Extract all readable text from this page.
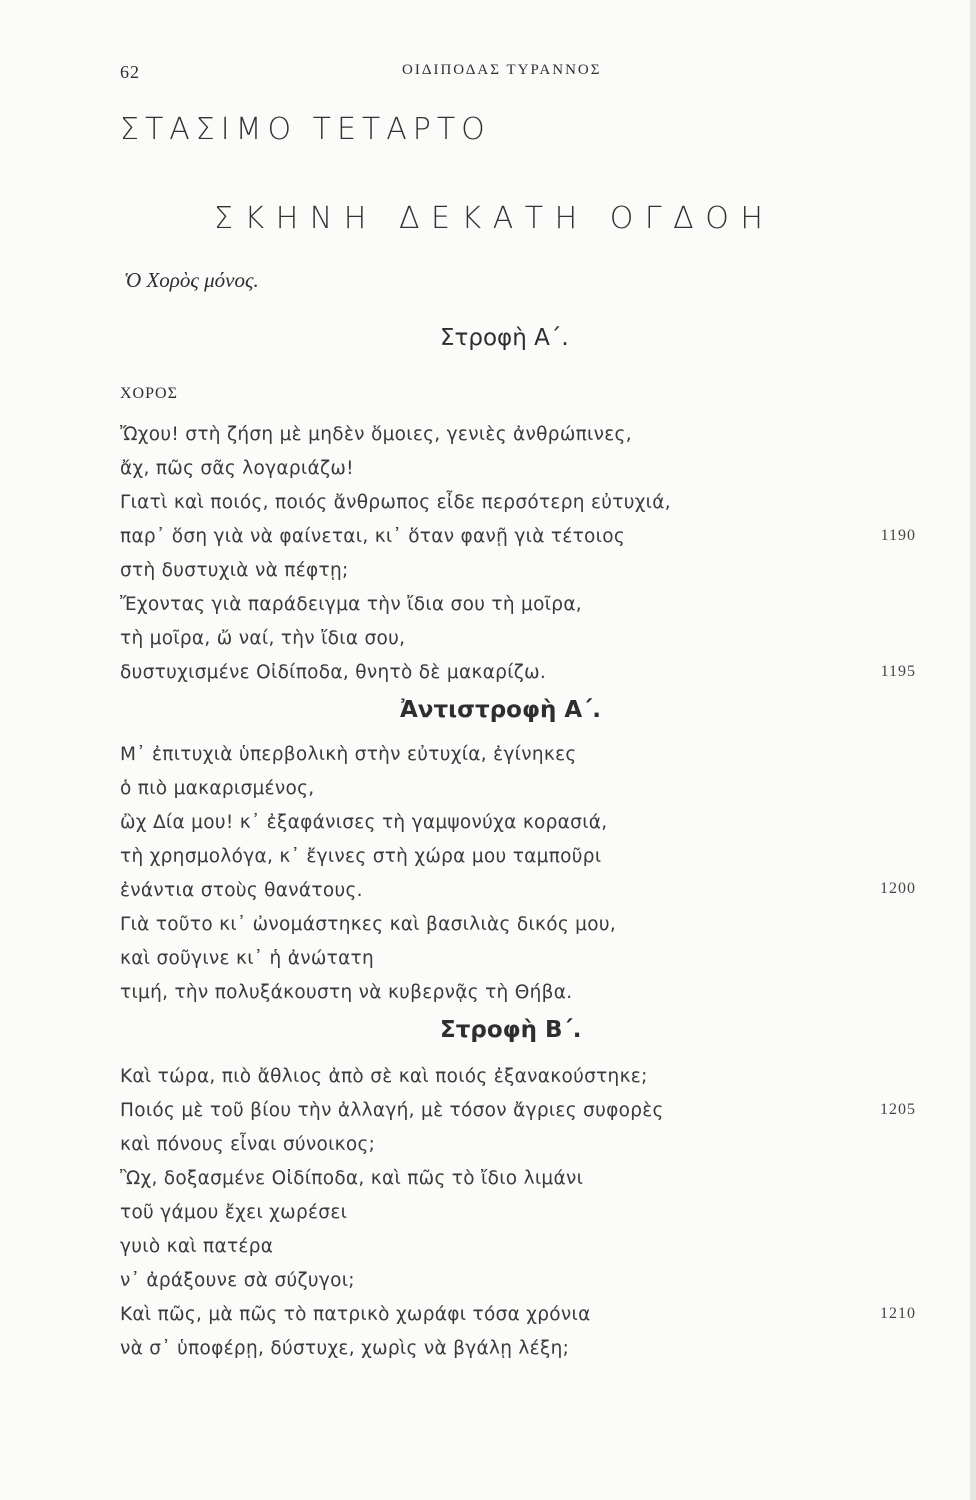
62	ΟΙΔΙΠΟΔΑΣ ΤΥΡΑΝΝΟΣ
ΣΤΑΣΙΜΟ ΤΕΤΑΡΤΟ
Σ Κ Η Ν Η   Δ Ε Κ Α Τ Η   Ο Γ Δ Ο Η
Ὁ Χορὸς μόνος.
Στροφὴ Α΄.
ΧΟΡΟΣ
Ὤχου! στὴ ζήση μὲ μηδὲν ὅμοιες, γενιὲς ἀνθρώπινες,
ἄχ, πῶς σᾶς λογαριάζω!
Γιατὶ καὶ ποιός, ποιός ἄνθρωπος εἶδε περσότερη εὐτυχιά,
παρ᾽ ὅση γιὰ νὰ φαίνεται, κι᾽ ὅταν φανῇ γιὰ τέτοιος
στὴ δυστυχιὰ νὰ πέφτῃ;
Ἔχοντας γιὰ παράδειγμα τὴν ἴδια σου τὴ μοῖρα,
τὴ μοῖρα, ὤ ναί, τὴν ἴδια σου,
δυστυχισμένε Οἰδίποδα, θνητὸ δὲ μακαρίζω.
1190
1195
Ἀντιστροφὴ Α΄.
Μ᾽ ἐπιτυχιὰ ὑπερβολικὴ στὴν εὐτυχία, ἐγίνηκες
ὁ πιὸ μακαρισμένος,
ὢχ Δία μου! κ᾽ ἐξαφάνισες τὴ γαμψονύχα κορασιά,
τὴ χρησμολόγα, κ᾽ ἔγινες στὴ χώρα μου ταμποῦρι
ἐνάντια στοὺς θανάτους.
Γιὰ τοῦτο κι᾽ ὠνομάστηκες καὶ βασιλιὰς δικός μου,
καὶ σοῦγινε κι᾽ ἡ ἀνώτατη
τιμή, τὴν πολυξάκουστη νὰ κυβερνᾷς τὴ Θήβα.
1200
Στροφὴ Β΄.
Καὶ τώρα, πιὸ ἄθλιος ἀπὸ σὲ καὶ ποιός ἐξανακούστηκε;
Ποιός μὲ τοῦ βίου τὴν ἀλλαγή, μὲ τόσον ἄγριες συφορὲς
καὶ πόνους εἶναι σύνοικος;
Ὢχ, δοξασμένε Οἰδίποδα, καὶ πῶς τὸ ἴδιο λιμάνι
τοῦ γάμου ἔχει χωρέσει
γυιὸ καὶ πατέρα
ν᾽ ἀράξουνε σὰ σύζυγοι;
Καὶ πῶς, μὰ πῶς τὸ πατρικὸ χωράφι τόσα χρόνια
νὰ σ᾽ ὑποφέρῃ, δύστυχε, χωρὶς νὰ βγάλῃ λέξη;
1205
1210
